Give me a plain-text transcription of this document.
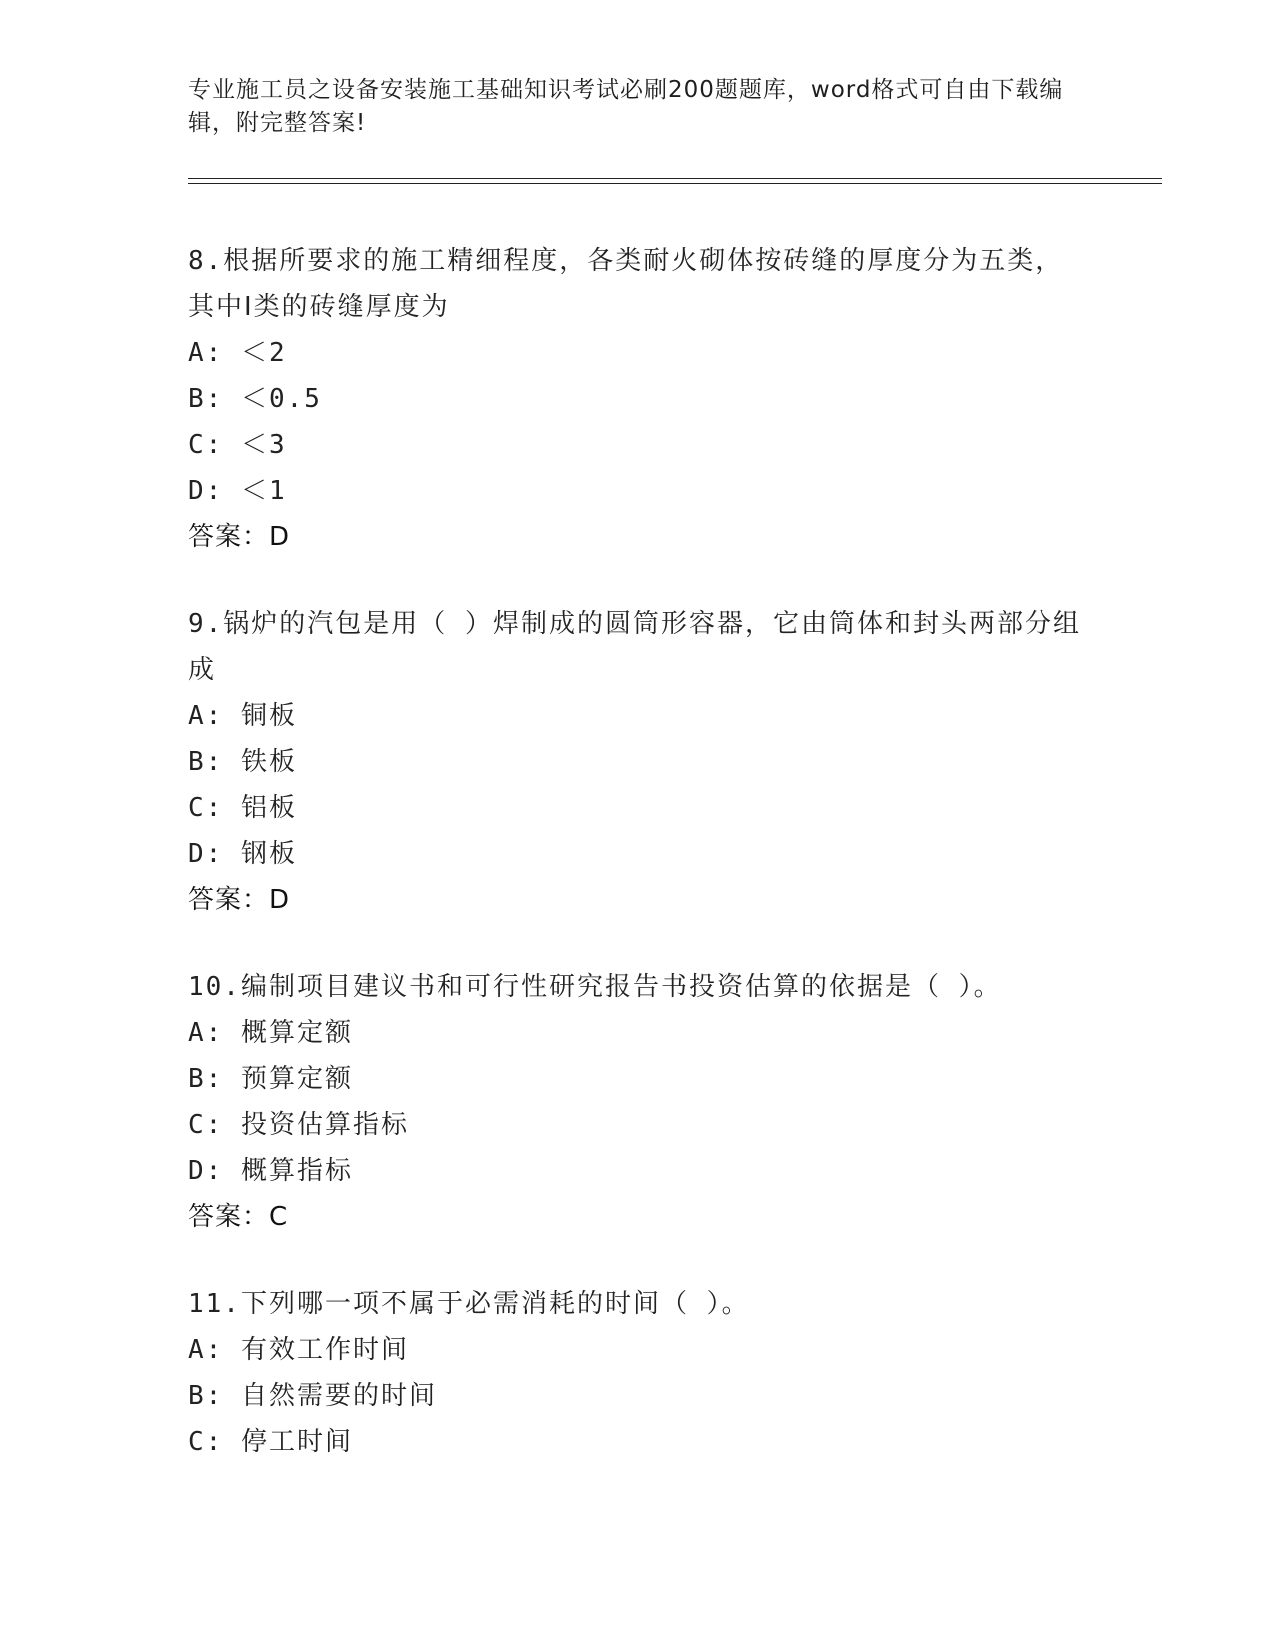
专业施工员之设备安装施工基础知识考试必刷200题题库，word格式可自由下载编辑，附完整答案!
8.根据所要求的施工精细程度，各类耐火砌体按砖缝的厚度分为五类，其中Ⅰ类的砖缝厚度为
A: ＜2
B: ＜0.5
C: ＜3
D: ＜1
答案：D
9.锅炉的汽包是用（ ）焊制成的圆筒形容器，它由筒体和封头两部分组成
A: 铜板
B: 铁板
C: 铝板
D: 钢板
答案：D
10.编制项目建议书和可行性研究报告书投资估算的依据是（ ）。
A: 概算定额
B: 预算定额
C: 投资估算指标
D: 概算指标
答案：C
11.下列哪一项不属于必需消耗的时间（ ）。
A: 有效工作时间
B: 自然需要的时间
C: 停工时间
